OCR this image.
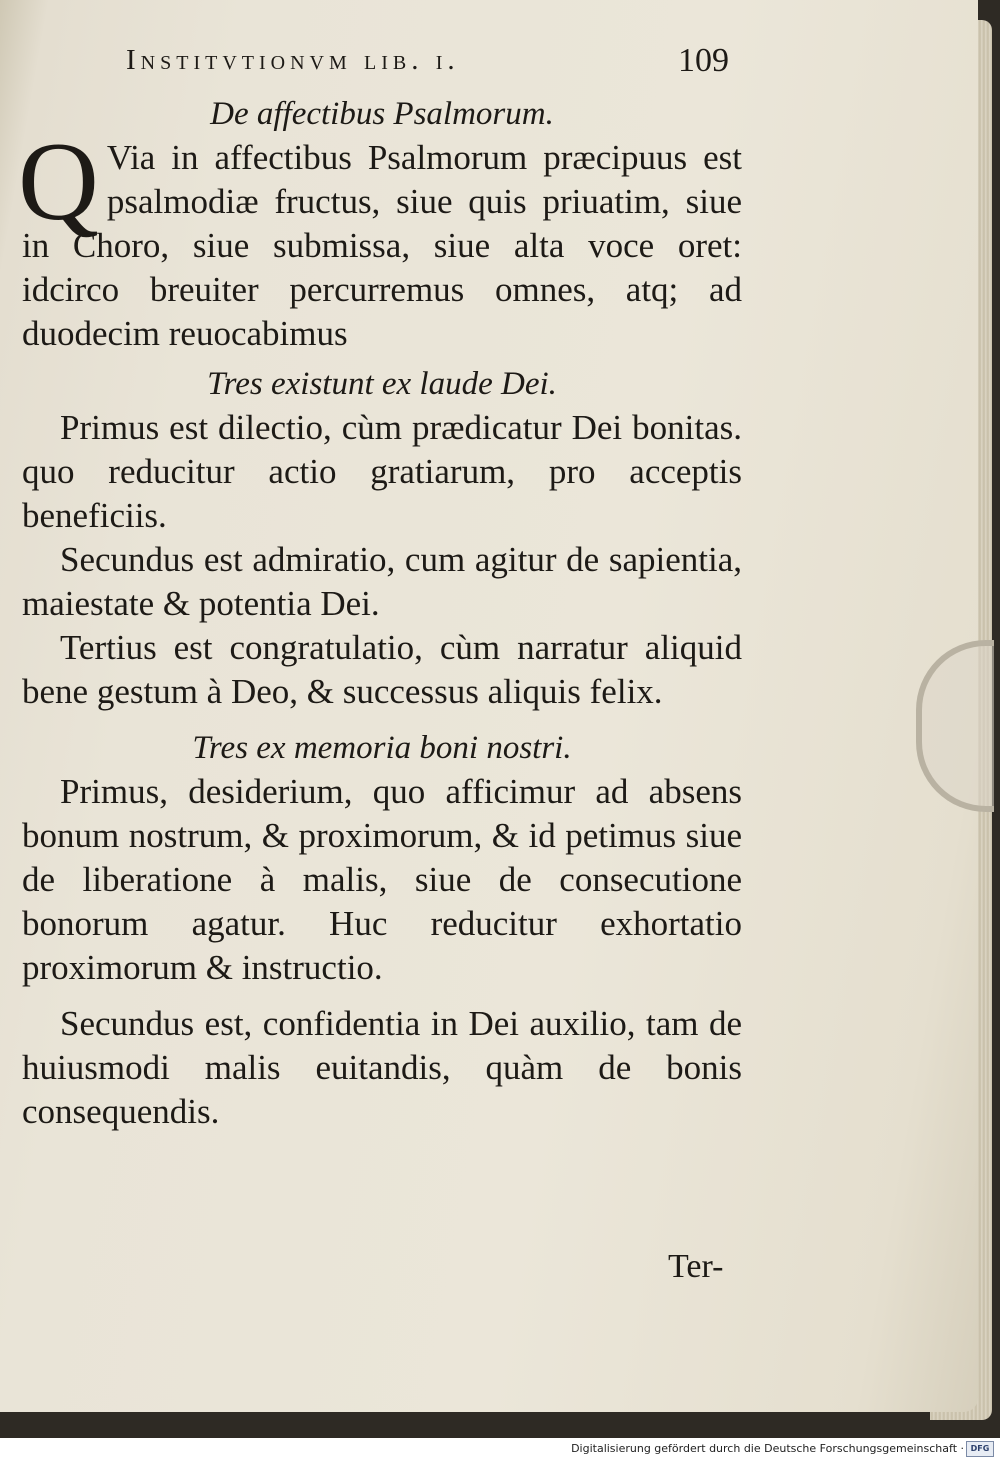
Institvtionvm lib. i.	109

De affectibus Psalmorum.

Q Via in affectibus Psalmorum præcipuus est psalmodiæ fructus, siue quis priuatim, siue in Choro, siue submissa, siue alta voce oret: idcirco breuiter percurremus omnes, atq; ad duodecim reuocabimus

Tres existunt ex laude Dei.

Primus est dilectio, cùm prædicatur Dei bonitas. quo reducitur actio gratiarum, pro acceptis beneficiis.

Secundus est admiratio, cum agitur de sapientia, maiestate & potentia Dei.

Tertius est congratulatio, cùm narratur aliquid bene gestum à Deo, & successus aliquis felix.

Tres ex memoria boni nostri.

Primus, desiderium, quo afficimur ad absens bonum nostrum, & proximorum, & id petimus siue de liberatione à malis, siue de consecutione bonorum agatur. Huc reducitur exhortatio proximorum & instructio.

Secundus est, confidentia in Dei auxilio, tam de huiusmodi malis euitandis, quàm de bonis consequendis.

Ter-
Digitalisierung gefördert durch die Deutsche Forschungsgemeinschaft · DFG
